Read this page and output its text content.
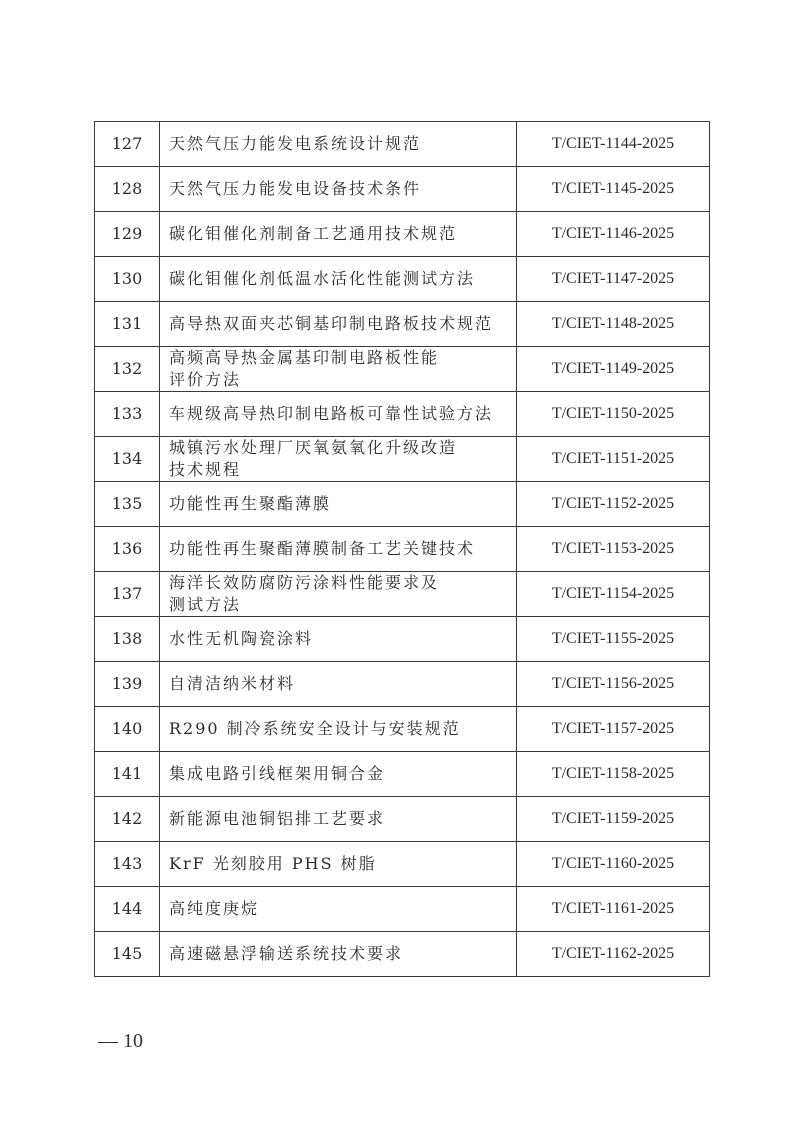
127	天然气压力能发电系统设计规范	T/CIET-1144-2025
128	天然气压力能发电设备技术条件	T/CIET-1145-2025
129	碳化钼催化剂制备工艺通用技术规范	T/CIET-1146-2025
130	碳化钼催化剂低温水活化性能测试方法	T/CIET-1147-2025
131	高导热双面夹芯铜基印制电路板技术规范	T/CIET-1148-2025
132	高频高导热金属基印制电路板性能
评价方法	T/CIET-1149-2025
133	车规级高导热印制电路板可靠性试验方法	T/CIET-1150-2025
134	城镇污水处理厂厌氧氨氧化升级改造
技术规程	T/CIET-1151-2025
135	功能性再生聚酯薄膜	T/CIET-1152-2025
136	功能性再生聚酯薄膜制备工艺关键技术	T/CIET-1153-2025
137	海洋长效防腐防污涂料性能要求及
测试方法	T/CIET-1154-2025
138	水性无机陶瓷涂料	T/CIET-1155-2025
139	自清洁纳米材料	T/CIET-1156-2025
140	R290 制冷系统安全设计与安装规范	T/CIET-1157-2025
141	集成电路引线框架用铜合金	T/CIET-1158-2025
142	新能源电池铜铝排工艺要求	T/CIET-1159-2025
143	KrF 光刻胶用 PHS 树脂	T/CIET-1160-2025
144	高纯度庚烷	T/CIET-1161-2025
145	高速磁悬浮输送系统技术要求	T/CIET-1162-2025
— 10
